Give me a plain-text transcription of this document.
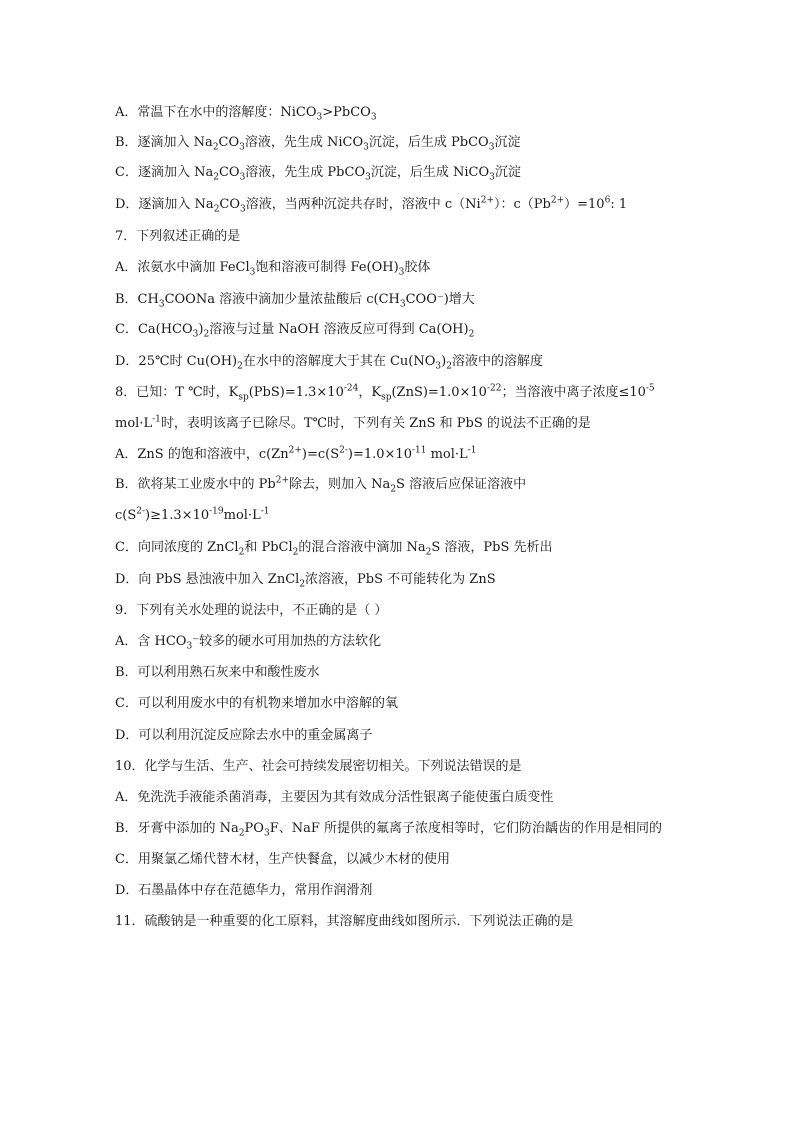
A．常温下在水中的溶解度：NiCO$_3$>PbCO$_3$
B．逐滴加入 $Na_2CO_3$溶液，先生成 NiCO$_3$沉淀，后生成 PbCO$_3$沉淀
C．逐滴加入 $Na_2CO_3$溶液，先生成 PbCO$_3$沉淀，后生成 NiCO$_3$沉淀
D．逐滴加入 $Na_2CO_3$溶液，当两种沉淀共存时，溶液中 $c(Ni^{2+})$：$c(Pb^{2+})=10^6$: 1
7．下列叙述正确的是
A．浓氨水中滴加 FeCl$_3$饱和溶液可制得 $Fe(OH)_3$胶体
B．$CH_3COONa$ 溶液中滴加少量浓盐酸后 $c(CH_3COO^-)$增大
C．$Ca(HCO_3)_2$溶液与过量 NaOH 溶液反应可得到 $Ca(OH)_2$
D．25℃时 $Cu(OH)_2$在水中的溶解度大于其在 $Cu(NO_3)_2$溶液中的溶解度
8．已知：T ℃时，$K_{sp}(PbS)=1.3\times 10^{-24}$，$K_{sp}(ZnS)=1.0\times 10^{-22}$；当溶液中离子浓度$\le 10^{-5}$
$mol\cdot L^{-1}$时，表明该离子已除尽。T℃时，下列有关 ZnS 和 PbS 的说法不正确的是
A．ZnS 的饱和溶液中，$c(Zn^{2+})=c(S^{2-})=1.0\times 10^{-11}$ $mol\cdot L^{-1}$
B．欲将某工业废水中的 $Pb^{2+}$除去，则加入 $Na_2S$ 溶液后应保证溶液中
$c(S^{2-})\ge 1.3\times 10^{-19}mol\cdot L^{-1}$
C．向同浓度的 ZnCl$_2$和 PbCl$_2$的混合溶液中滴加 $Na_2S$ 溶液，PbS 先析出
D．向 PbS 悬浊液中加入 ZnCl$_2$浓溶液，PbS 不可能转化为 ZnS
9．下列有关水处理的说法中，不正确的是（ ）
A．含 $HCO_3^-$较多的硬水可用加热的方法软化
B．可以利用熟石灰来中和酸性废水
C．可以利用废水中的有机物来增加水中溶解的氧
D．可以利用沉淀反应除去水中的重金属离子
10．化学与生活、生产、社会可持续发展密切相关。下列说法错误的是
A．免洗洗手液能杀菌消毒，主要因为其有效成分活性银离子能使蛋白质变性
B．牙膏中添加的 $Na_2PO_3F$、NaF 所提供的氟离子浓度相等时，它们防治龋齿的作用是相同的
C．用聚氯乙烯代替木材，生产快餐盒，以减少木材的使用
D．石墨晶体中存在范德华力，常用作润滑剂
11．硫酸钠是一种重要的化工原料，其溶解度曲线如图所示．下列说法正确的是
